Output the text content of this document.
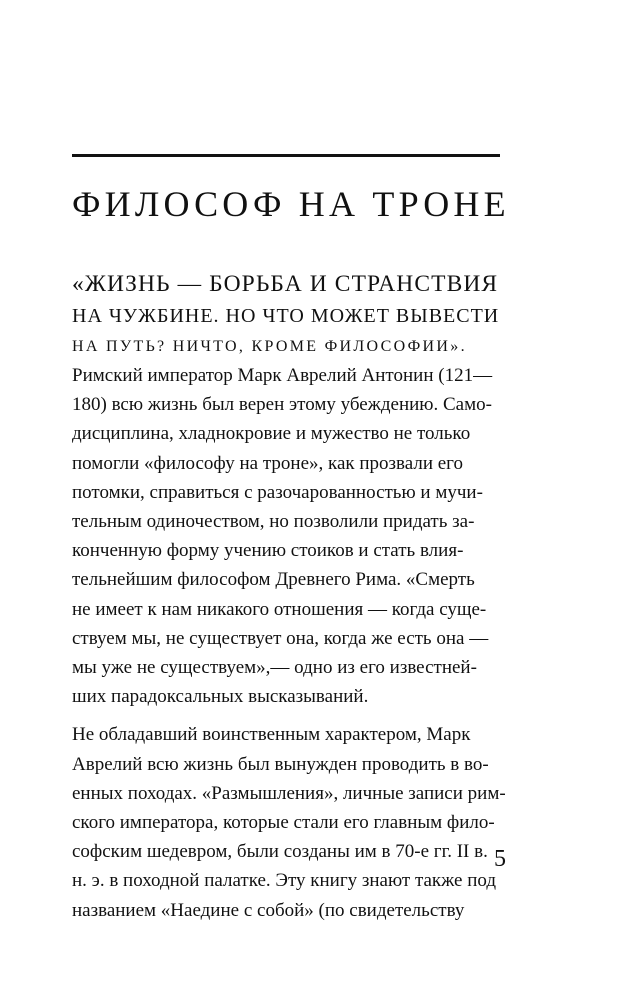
ФИЛОСОФ НА ТРОНЕ
«ЖИЗНЬ — БОРЬБА И СТРАНСТВИЯ
НА ЧУЖБИНЕ. НО ЧТО МОЖЕТ ВЫВЕСТИ
НА ПУТЬ? НИЧТО, КРОМЕ ФИЛОСОФИИ».

Римский император Марк Аврелий Антонин (121—
180) всю жизнь был верен этому убеждению. Само-
дисциплина, хладнокровие и мужество не только
помогли «философу на троне», как прозвали его
потомки, справиться с разочарованностью и мучи-
тельным одиночеством, но позволили придать за-
конченную форму учению стоиков и стать влия-
тельнейшим философом Древнего Рима. «Смерть
не имеет к нам никакого отношения — когда суще-
ствуем мы, не существует она, когда же есть она —
мы уже не существуем»,— одно из его известней-
ших парадоксальных высказываний.

Не обладавший воинственным характером, Марк
Аврелий всю жизнь был вынужден проводить в во-
енных походах. «Размышления», личные записи рим-
ского императора, которые стали его главным фило-
софским шедевром, были созданы им в 70-е гг. II в.
н. э. в походной палатке. Эту книгу знают также под
названием «Наедине с собой» (по свидетельству

5
